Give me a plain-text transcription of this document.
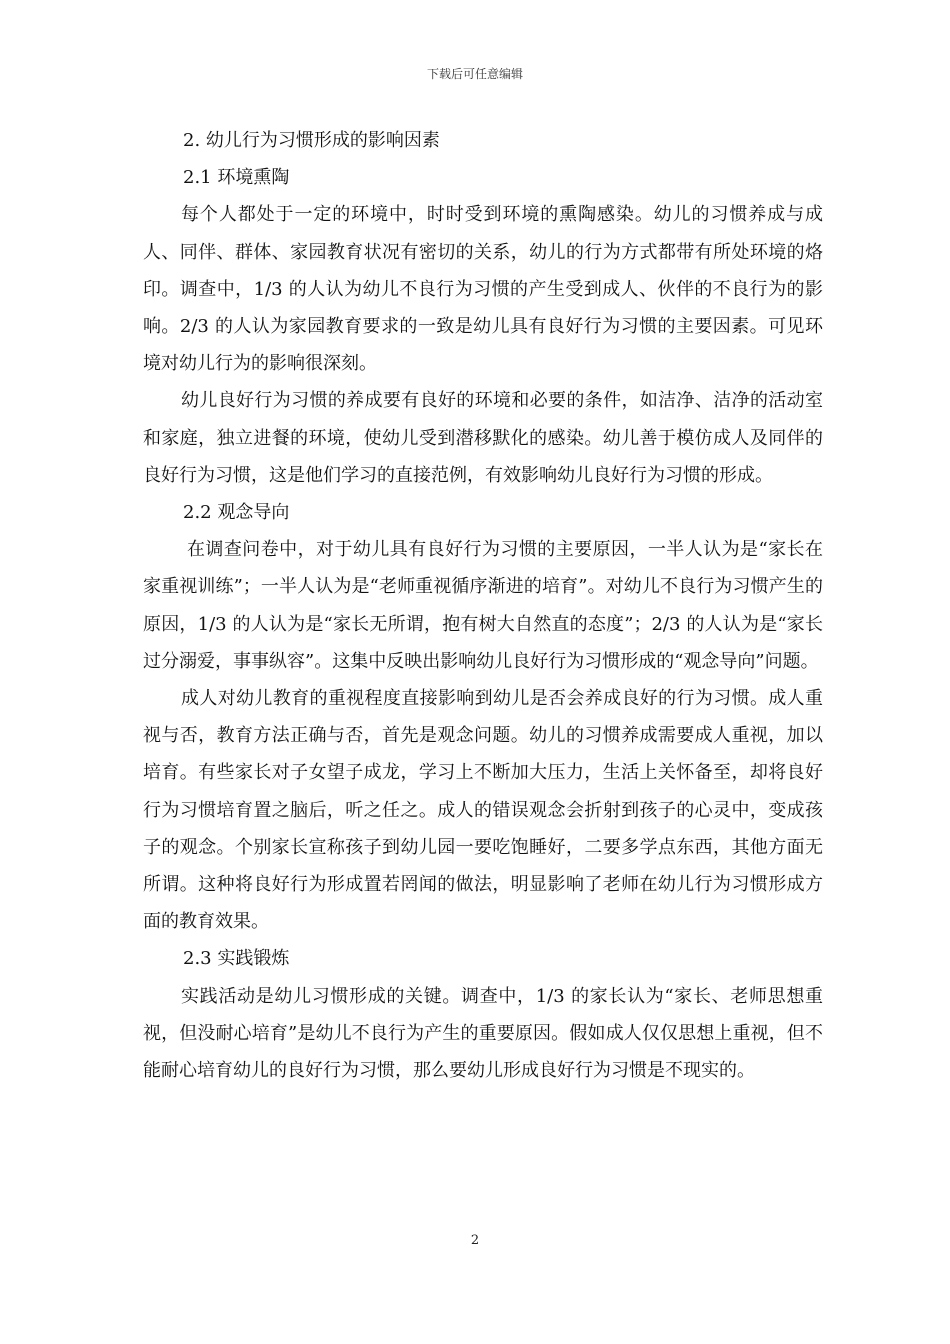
下载后可任意编辑

2. 幼儿行为习惯形成的影响因素

2.1 环境熏陶

每个人都处于一定的环境中，时时受到环境的熏陶感染。幼儿的习惯养成与成人、同伴、群体、家园教育状况有密切的关系，幼儿的行为方式都带有所处环境的烙印。调查中，1/3 的人认为幼儿不良行为习惯的产生受到成人、伙伴的不良行为的影响。2/3 的人认为家园教育要求的一致是幼儿具有良好行为习惯的主要因素。可见环境对幼儿行为的影响很深刻。

幼儿良好行为习惯的养成要有良好的环境和必要的条件，如洁净、洁净的活动室和家庭，独立进餐的环境，使幼儿受到潜移默化的感染。幼儿善于模仿成人及同伴的良好行为习惯，这是他们学习的直接范例，有效影响幼儿良好行为习惯的形成。

2.2 观念导向

在调查问卷中，对于幼儿具有良好行为习惯的主要原因，一半人认为是“家长在家重视训练”；一半人认为是“老师重视循序渐进的培育”。对幼儿不良行为习惯产生的原因，1/3 的人认为是“家长无所谓，抱有树大自然直的态度”；2/3 的人认为是“家长过分溺爱，事事纵容”。这集中反映出影响幼儿良好行为习惯形成的“观念导向”问题。

成人对幼儿教育的重视程度直接影响到幼儿是否会养成良好的行为习惯。成人重视与否，教育方法正确与否，首先是观念问题。幼儿的习惯养成需要成人重视，加以培育。有些家长对子女望子成龙，学习上不断加大压力，生活上关怀备至，却将良好行为习惯培育置之脑后，听之任之。成人的错误观念会折射到孩子的心灵中，变成孩子的观念。个别家长宣称孩子到幼儿园一要吃饱睡好，二要多学点东西，其他方面无所谓。这种将良好行为形成置若罔闻的做法，明显影响了老师在幼儿行为习惯形成方面的教育效果。

2.3 实践锻炼

实践活动是幼儿习惯形成的关键。调查中，1/3 的家长认为“家长、老师思想重视，但没耐心培育”是幼儿不良行为产生的重要原因。假如成人仅仅思想上重视，但不能耐心培育幼儿的良好行为习惯，那么要幼儿形成良好行为习惯是不现实的。

2
